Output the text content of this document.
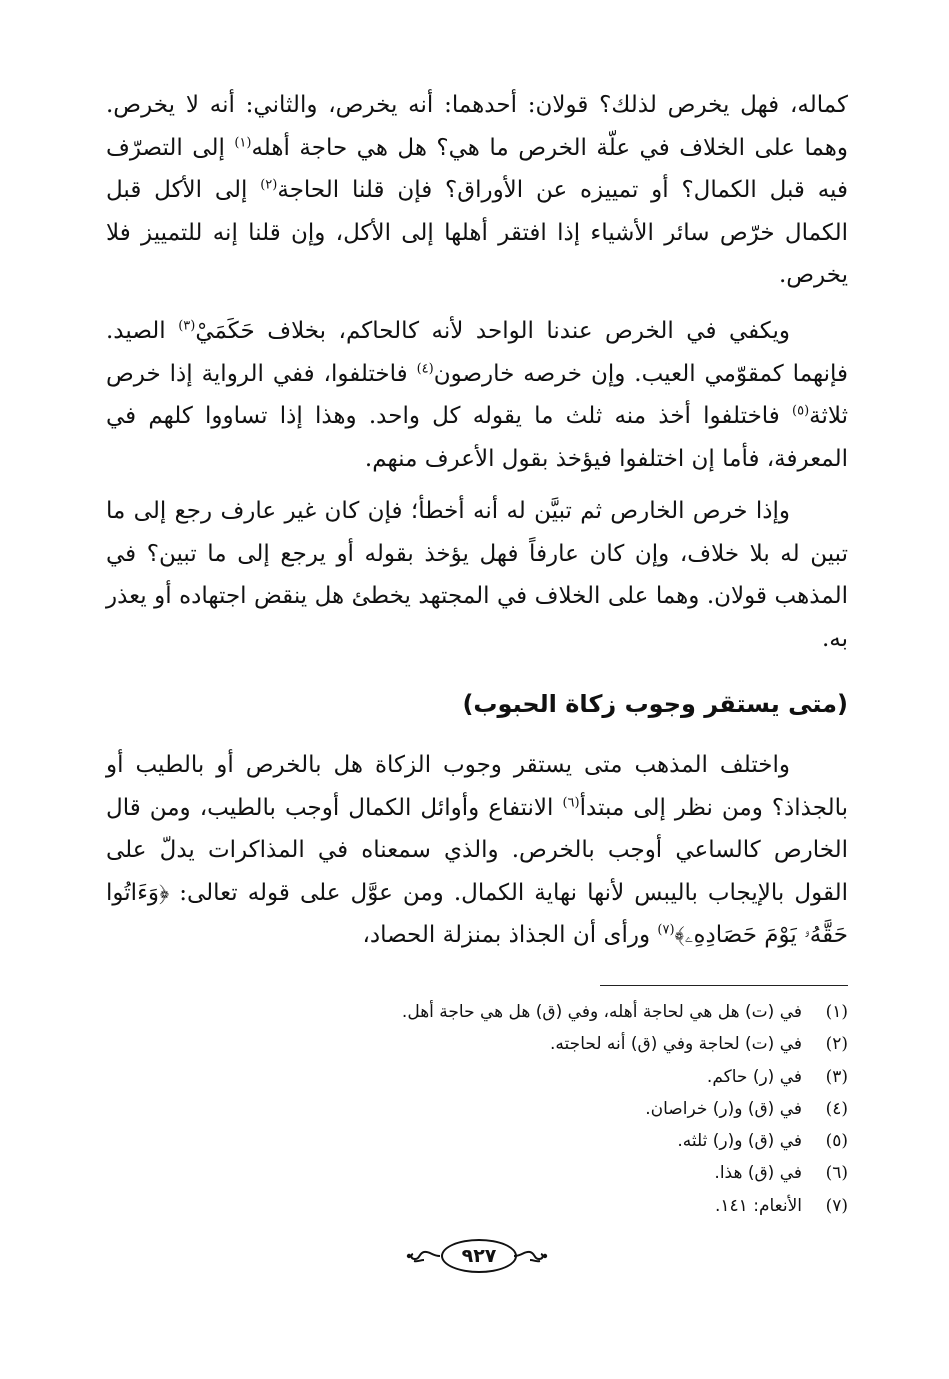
كماله، فهل يخرص لذلك؟ قولان: أحدهما: أنه يخرص، والثاني: أنه لا يخرص. وهما على الخلاف في علّة الخرص ما هي؟ هل هي حاجة أهله$^{(١)}$ إلى التصرّف فيه قبل الكمال؟ أو تمييزه عن الأوراق؟ فإن قلنا الحاجة$^{(٢)}$ إلى الأكل قبل الكمال خرّص سائر الأشياء إذا افتقر أهلها إلى الأكل، وإن قلنا إنه للتمييز فلا يخرص.

ويكفي في الخرص عندنا الواحد لأنه كالحاكم، بخلاف حَكَمَيْ$^{(٣)}$ الصيد. فإنهما كمقوّمي العيب. وإن خرصه خارصون$^{(٤)}$ فاختلفوا، ففي الرواية إذا خرص ثلاثة$^{(٥)}$ فاختلفوا أخذ منه ثلث ما يقوله كل واحد. وهذا إذا تساووا كلهم في المعرفة، فأما إن اختلفوا فيؤخذ بقول الأعرف منهم.

وإذا خرص الخارص ثم تبيَّن له أنه أخطأ؛ فإن كان غير عارف رجع إلى ما تبين له بلا خلاف، وإن كان عارفاً فهل يؤخذ بقوله أو يرجع إلى ما تبين؟ في المذهب قولان. وهما على الخلاف في المجتهد يخطئ هل ينقض اجتهاده أو يعذر به.

(متى يستقر وجوب زكاة الحبوب)

واختلف المذهب متى يستقر وجوب الزكاة هل بالخرص أو بالطيب أو بالجذاذ؟ ومن نظر إلى مبتدأ$^{(٦)}$ الانتفاع وأوائل الكمال أوجب بالطيب، ومن قال الخارص كالساعي أوجب بالخرص. والذي سمعناه في المذاكرات يدلّ على القول بالإيجاب باليبس لأنها نهاية الكمال. ومن عوَّل على قوله تعالى: ﴿وَءَاتُوا حَقَّهُۥ يَوْمَ حَصَادِهِۦ﴾$^{(٧)}$ ورأى أن الجذاذ بمنزلة الحصاد،

(١)
في (ت) هل هي لحاجة أهله، وفي (ق) هل هي حاجة أهل.
(٢)
في (ت) لحاجة وفي (ق) أنه لحاجته.
(٣)
في (ر) حاكم.
(٤)
في (ق) و(ر) خراصان.
(٥)
في (ق) و(ر) ثلثه.
(٦)
في (ق) هذا.
(٧)
الأنعام: ١٤١.
٩٢٧
